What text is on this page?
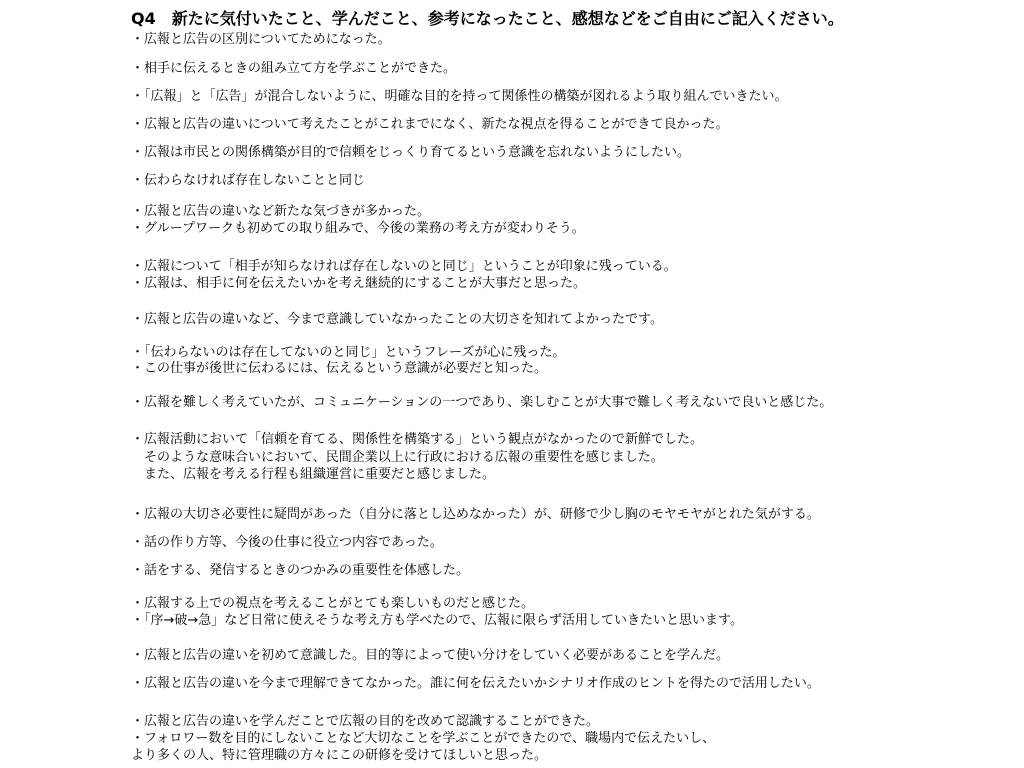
Q4　新たに気付いたこと、学んだこと、参考になったこと、感想などをご自由にご記入ください。
・広報と広告の区別についてためになった。
・相手に伝えるときの組み立て方を学ぶことができた。
・「広報」と「広告」が混合しないように、明確な目的を持って関係性の構築が図れるよう取り組んでいきたい。
・広報と広告の違いについて考えたことがこれまでになく、新たな視点を得ることができて良かった。
・広報は市民との関係構築が目的で信頼をじっくり育てるという意識を忘れないようにしたい。
・伝わらなければ存在しないことと同じ
・広報と広告の違いなど新たな気づきが多かった。
・グループワークも初めての取り組みで、今後の業務の考え方が変わりそう。
・広報について「相手が知らなければ存在しないのと同じ」ということが印象に残っている。
・広報は、相手に何を伝えたいかを考え継続的にすることが大事だと思った。
・広報と広告の違いなど、今まで意識していなかったことの大切さを知れてよかったです。
・「伝わらないのは存在してないのと同じ」というフレーズが心に残った。
・この仕事が後世に伝わるには、伝えるという意識が必要だと知った。
・広報を難しく考えていたが、コミュニケーションの一つであり、楽しむことが大事で難しく考えないで良いと感じた。
・広報活動において「信頼を育てる、関係性を構築する」という観点がなかったので新鮮でした。
　そのような意味合いにおいて、民間企業以上に行政における広報の重要性を感じました。
　また、広報を考える行程も組織運営に重要だと感じました。
・広報の大切さ必要性に疑問があった（自分に落とし込めなかった）が、研修で少し胸のモヤモヤがとれた気がする。
・話の作り方等、今後の仕事に役立つ内容であった。
・話をする、発信するときのつかみの重要性を体感した。
・広報する上での視点を考えることがとても楽しいものだと感じた。
・「序→破→急」など日常に使えそうな考え方も学べたので、広報に限らず活用していきたいと思います。
・広報と広告の違いを初めて意識した。目的等によって使い分けをしていく必要があることを学んだ。
・広報と広告の違いを今まで理解できてなかった。誰に何を伝えたいかシナリオ作成のヒントを得たので活用したい。
・広報と広告の違いを学んだことで広報の目的を改めて認識することができた。
・フォロワー数を目的にしないことなど大切なことを学ぶことができたので、職場内で伝えたいし、
より多くの人、特に管理職の方々にこの研修を受けてほしいと思った。
